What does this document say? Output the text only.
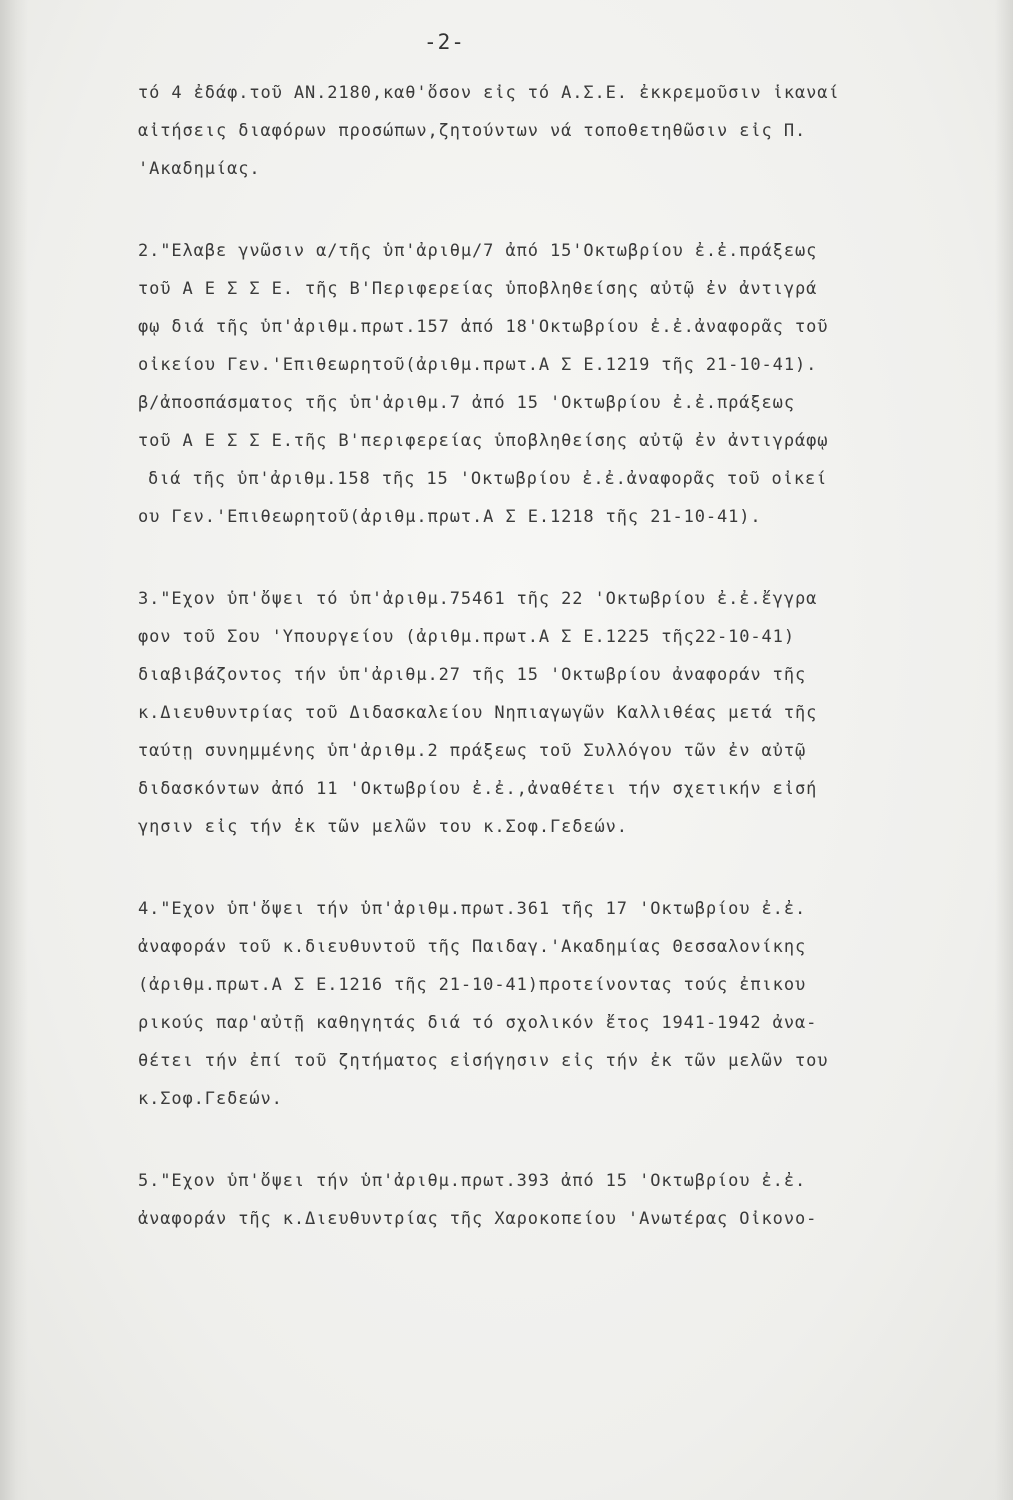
-2-
τό 4 ἐδάφ.τοῦ ΑΝ.2180,καθ'ὅσον εἰς τό Α.Σ.Ε. ἐκκρεμοῦσιν ἱκαναί
αἰτήσεις διαφόρων προσώπων,ζητούντων νά τοποθετηθῶσιν εἰς Π.
'Ακαδημίας.
2."Ελαβε γνῶσιν α/τῆς ὑπ'ἀριθμ/7 ἀπό 15'Οκτωβρίου ἐ.ἐ.πράξεως
τοῦ Α Ε Σ Σ Ε. τῆς Β'Περιφερείας ὑποβληθείσης αὐτῷ ἐν ἀντιγρά
φῳ διά τῆς ὑπ'ἀριθμ.πρωτ.157 ἀπό 18'Οκτωβρίου ἐ.ἐ.ἀναφορᾶς τοῦ
οἰκείου Γεν.'Επιθεωρητοῦ(ἀριθμ.πρωτ.Α Σ Ε.1219 τῆς 21-10-41).
β/ἀποσπάσματος τῆς ὑπ'ἀριθμ.7 ἀπό 15 'Οκτωβρίου ἐ.ἐ.πράξεως
τοῦ Α Ε Σ Σ Ε.τῆς Β'περιφερείας ὑποβληθείσης αὐτῷ ἐν ἀντιγράφῳ
διά τῆς ὑπ'ἀριθμ.158 τῆς 15 'Οκτωβρίου ἐ.ἐ.ἀναφορᾶς τοῦ οἰκεί
ου Γεν.'Επιθεωρητοῦ(ἀριθμ.πρωτ.Α Σ Ε.1218 τῆς 21-10-41).
3."Εχον ὑπ'ὄψει τό ὑπ'ἀριθμ.75461 τῆς 22 'Οκτωβρίου ἐ.ἐ.ἔγγρα
φον τοῦ Σου 'Υπουργείου (ἀριθμ.πρωτ.Α Σ Ε.1225 τῆς22-10-41)
διαβιβάζοντος τήν ὑπ'ἀριθμ.27 τῆς 15 'Οκτωβρίου ἀναφοράν τῆς
κ.Διευθυντρίας τοῦ Διδασκαλείου Νηπιαγωγῶν Καλλιθέας μετά τῆς
ταύτῃ συνημμένης ὑπ'ἀριθμ.2 πράξεως τοῦ Συλλόγου τῶν ἐν αὐτῷ
διδασκόντων ἀπό 11 'Οκτωβρίου ἐ.ἐ.,ἀναθέτει τήν σχετικήν εἰσή
γησιν εἰς τήν ἐκ τῶν μελῶν του κ.Σοφ.Γεδεών.
4."Εχον ὑπ'ὄψει τήν ὑπ'ἀριθμ.πρωτ.361 τῆς 17 'Οκτωβρίου ἐ.ἐ.
ἀναφοράν τοῦ κ.διευθυντοῦ τῆς Παιδαγ.'Ακαδημίας Θεσσαλονίκης
(ἀριθμ.πρωτ.Α Σ Ε.1216 τῆς 21-10-41)προτείνοντας τούς ἐπικου
ρικούς παρ'αὐτῇ καθηγητάς διά τό σχολικόν ἔτος 1941-1942 ἀνα-
θέτει τήν ἐπί τοῦ ζητήματος εἰσήγησιν εἰς τήν ἐκ τῶν μελῶν του
κ.Σοφ.Γεδεών.
5."Εχον ὑπ'ὄψει τήν ὑπ'ἀριθμ.πρωτ.393 ἀπό 15 'Οκτωβρίου ἐ.ἐ.
ἀναφοράν τῆς κ.Διευθυντρίας τῆς Χαροκοπείου 'Ανωτέρας Οἰκονο-
